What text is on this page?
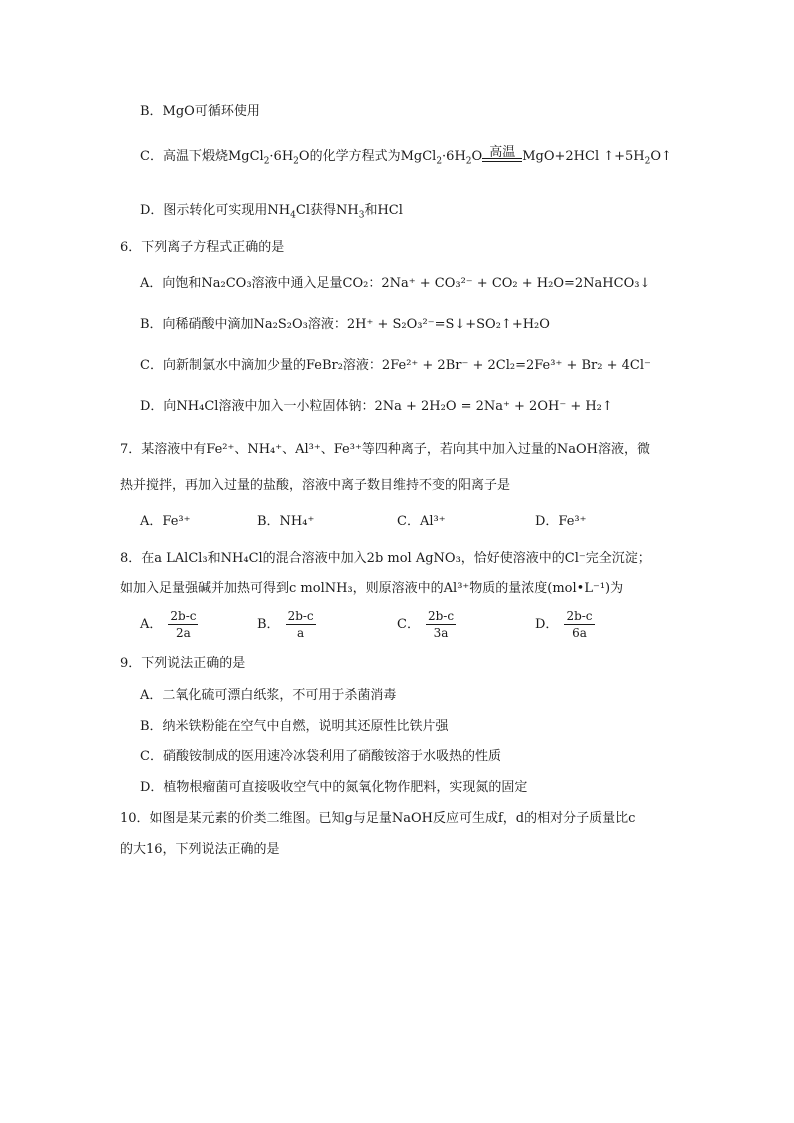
B．MgO可循环使用
C．高温下煅烧$MgCl_2\cdot 6H_2O$的化学方程式为$MgCl_2\cdot 6H_2O$ 高温 MgO+2HCl $↑+5H_2O↑$
D．图示转化可实现用$NH_4Cl$获得$NH_3$和HCl
6．下列离子方程式正确的是
A．向饱和Na₂CO₃溶液中通入足量CO₂：2Na⁺ + CO₃²⁻ + CO₂ + H₂O=2NaHCO₃↓
B．向稀硝酸中滴加Na₂S₂O₃溶液：2H⁺ + S₂O₃²⁻=S↓+SO₂↑+H₂O
C．向新制氯水中滴加少量的FeBr₂溶液：2Fe²⁺ + 2Br⁻ + 2Cl₂=2Fe³⁺ + Br₂ + 4Cl⁻
D．向NH₄Cl溶液中加入一小粒固体钠：2Na + 2H₂O = 2Na⁺ + 2OH⁻ + H₂↑
7．某溶液中有Fe²⁺、NH₄⁺、Al³⁺、Fe³⁺等四种离子，若向其中加入过量的NaOH溶液，微
热并搅拌，再加入过量的盐酸，溶液中离子数目维持不变的阳离子是
A．Fe³⁺	B．NH₄⁺	C．Al³⁺	D．Fe³⁺
8．在a LAlCl₃和NH₄Cl的混合溶液中加入2b mol AgNO₃，恰好使溶液中的Cl⁻完全沉淀；
如加入足量强碱并加热可得到c molNH₃，则原溶液中的Al³⁺物质的量浓度(mol•L⁻¹)为
A． $\frac{2b-c}{2a}$	B． $\frac{2b-c}{a}$	C． $\frac{2b-c}{3a}$	D． $\frac{2b-c}{6a}$
9．下列说法正确的是
A．二氧化硫可漂白纸浆，不可用于杀菌消毒
B．纳米铁粉能在空气中自燃，说明其还原性比铁片强
C．硝酸铵制成的医用速冷冰袋利用了硝酸铵溶于水吸热的性质
D．植物根瘤菌可直接吸收空气中的氮氧化物作肥料，实现氮的固定
10．如图是某元素的价类二维图。已知g与足量NaOH反应可生成f，d的相对分子质量比c
的大16，下列说法正确的是
